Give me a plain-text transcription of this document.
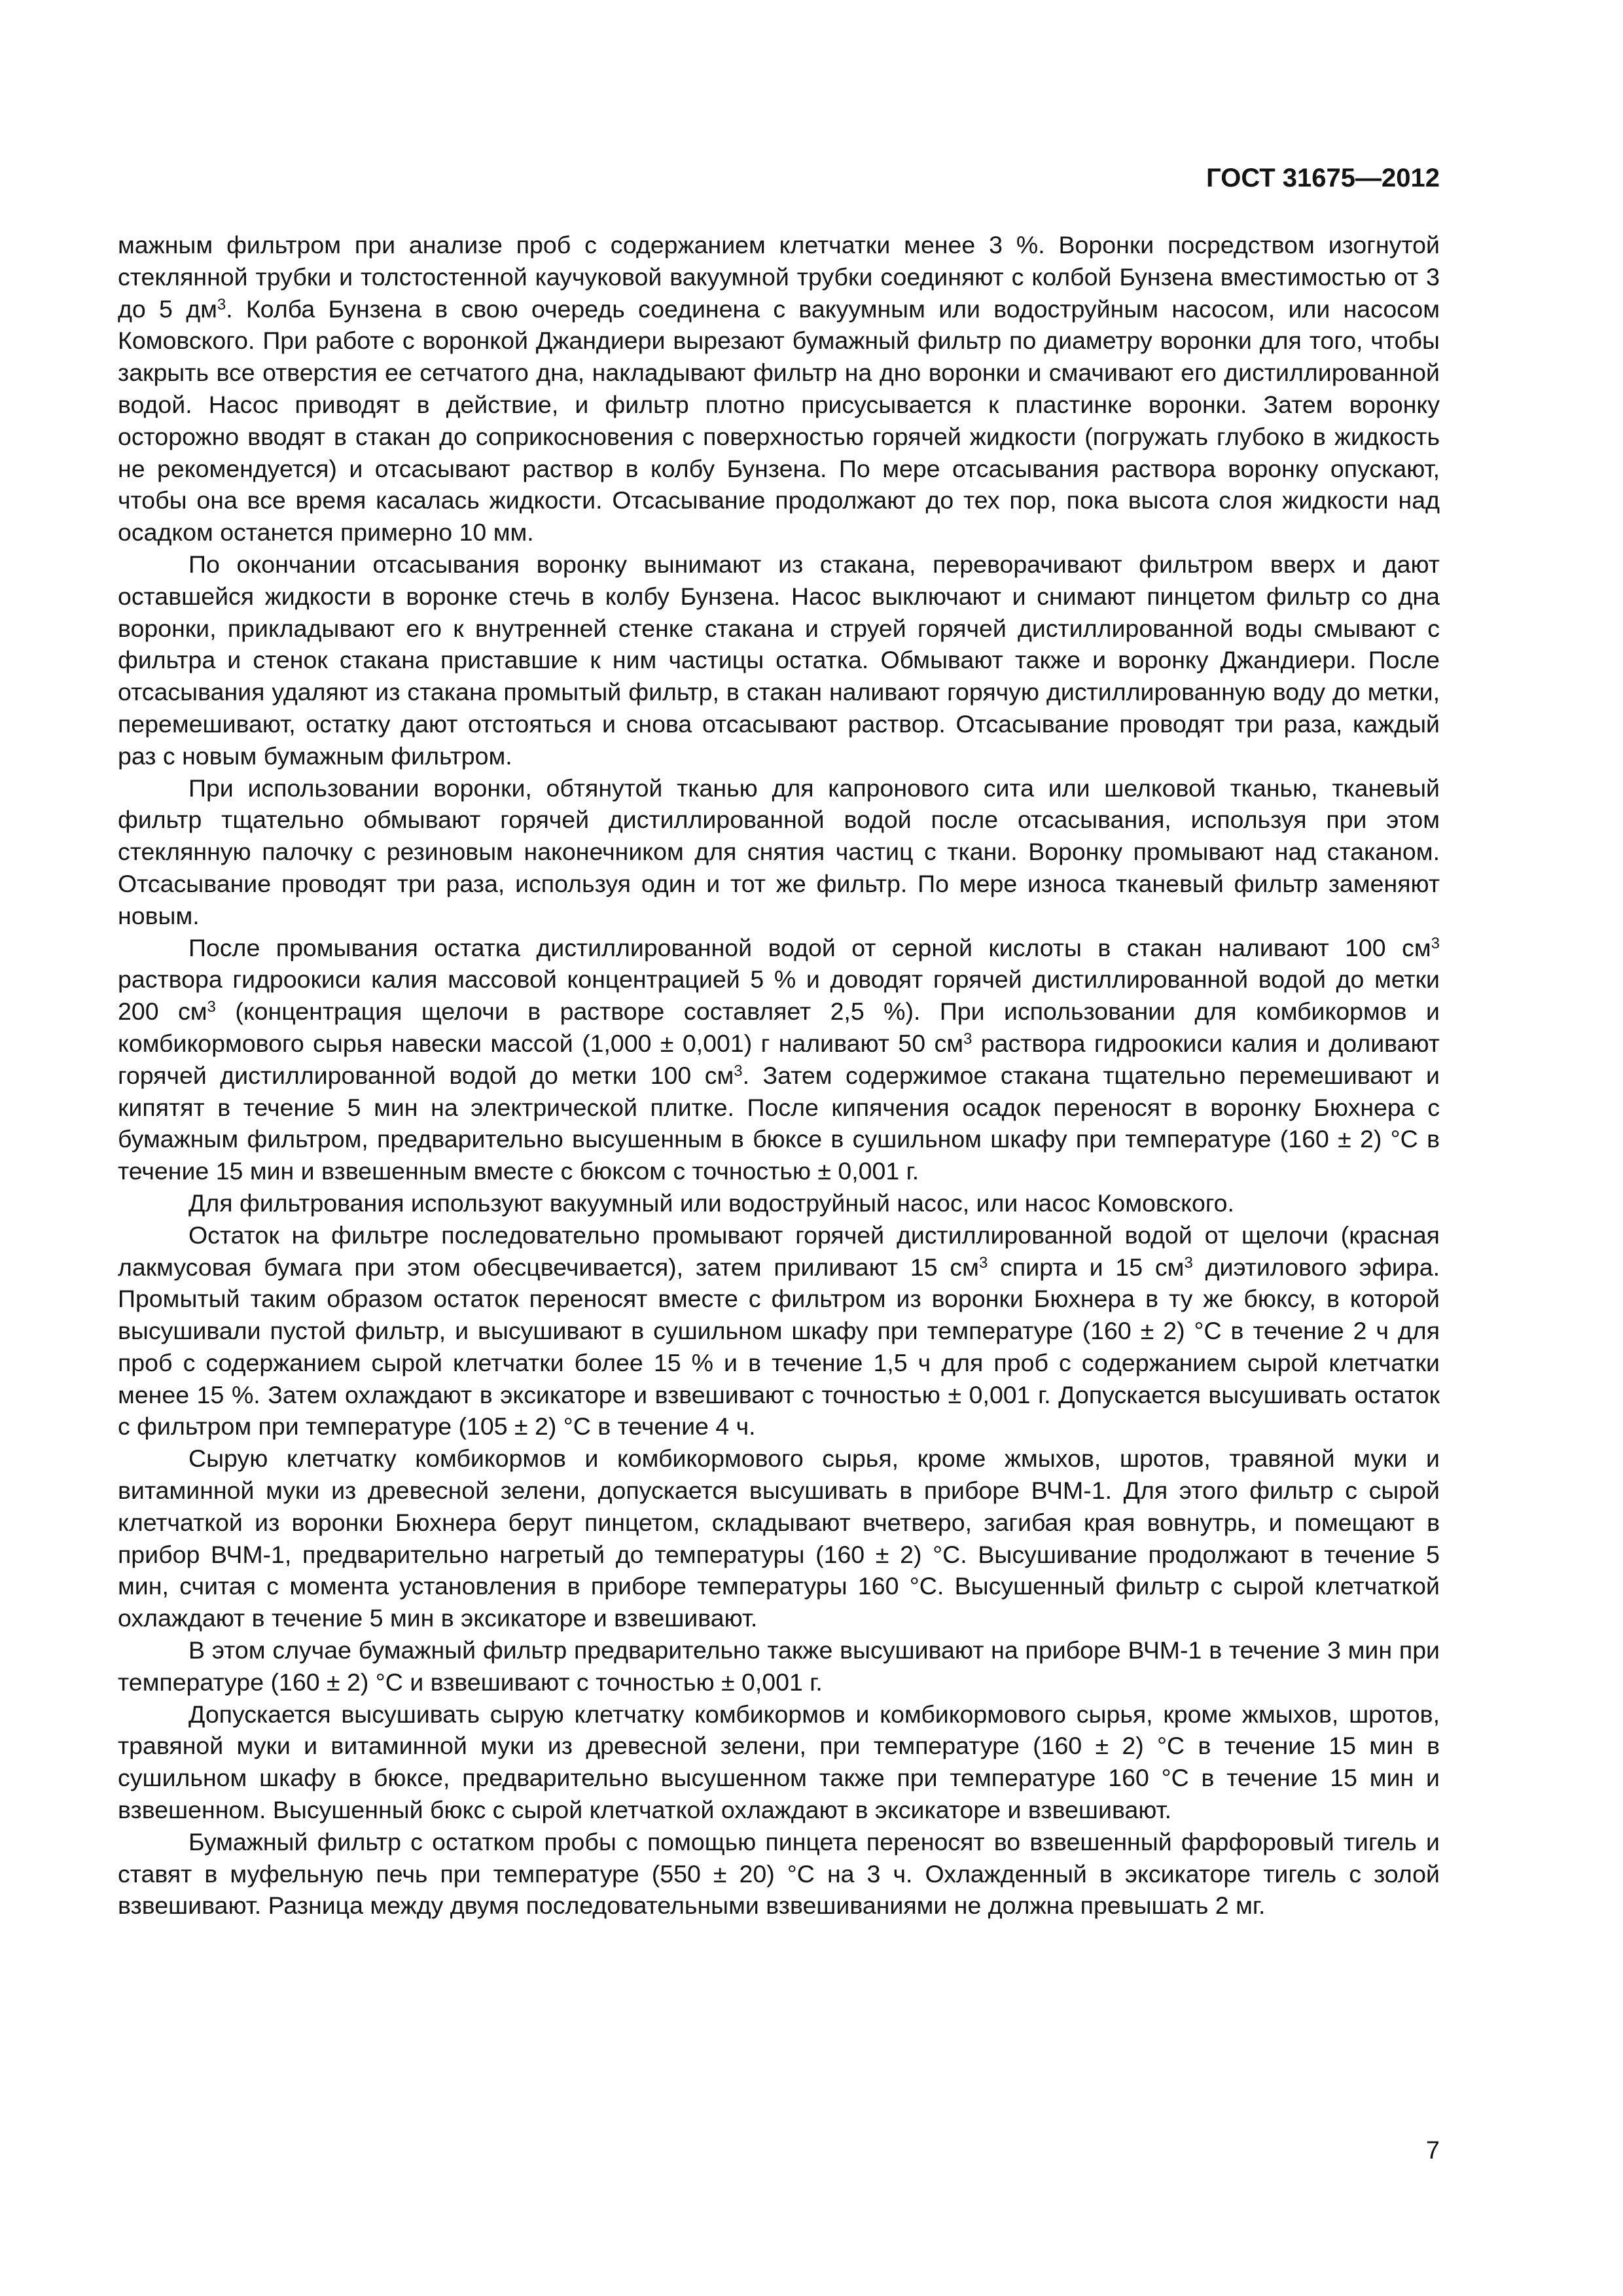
ГОСТ 31675—2012

мажным фильтром при анализе проб с содержанием клетчатки менее 3 %. Воронки посредством изогнутой стеклянной трубки и толстостенной каучуковой вакуумной трубки соединяют с колбой Бунзена вместимостью от 3 до 5 $дм^3$. Колба Бунзена в свою очередь соединена с вакуумным или водоструйным насосом, или насосом Комовского. При работе с воронкой Джандиери вырезают бумажный фильтр по диаметру воронки для того, чтобы закрыть все отверстия ее сетчатого дна, накладывают фильтр на дно воронки и смачивают его дистиллированной водой. Насос приводят в действие, и фильтр плотно присусывается к пластинке воронки. Затем воронку осторожно вводят в стакан до соприкосновения с поверхностью горячей жидкости (погружать глубоко в жидкость не рекомендуется) и отсасывают раствор в колбу Бунзена. По мере отсасывания раствора воронку опускают, чтобы она все время касалась жидкости. Отсасывание продолжают до тех пор, пока высота слоя жидкости над осадком останется примерно 10 мм.

По окончании отсасывания воронку вынимают из стакана, переворачивают фильтром вверх и дают оставшейся жидкости в воронке стечь в колбу Бунзена. Насос выключают и снимают пинцетом фильтр со дна воронки, прикладывают его к внутренней стенке стакана и струей горячей дистиллированной воды смывают с фильтра и стенок стакана приставшие к ним частицы остатка. Обмывают также и воронку Джандиери. После отсасывания удаляют из стакана промытый фильтр, в стакан наливают горячую дистиллированную воду до метки, перемешивают, остатку дают отстояться и снова отсасывают раствор. Отсасывание проводят три раза, каждый раз с новым бумажным фильтром.

При использовании воронки, обтянутой тканью для капронового сита или шелковой тканью, тканевый фильтр тщательно обмывают горячей дистиллированной водой после отсасывания, используя при этом стеклянную палочку с резиновым наконечником для снятия частиц с ткани. Воронку промывают над стаканом. Отсасывание проводят три раза, используя один и тот же фильтр. По мере износа тканевый фильтр заменяют новым.

После промывания остатка дистиллированной водой от серной кислоты в стакан наливают 100 $см^3$ раствора гидроокиси калия массовой концентрацией 5 % и доводят горячей дистиллированной водой до метки 200 $см^3$ (концентрация щелочи в растворе составляет 2,5 %). При использовании для комбикормов и комбикормового сырья навески массой (1,000 ± 0,001) г наливают 50 $см^3$ раствора гидроокиси калия и доливают горячей дистиллированной водой до метки 100 $см^3$. Затем содержимое стакана тщательно перемешивают и кипятят в течение 5 мин на электрической плитке. После кипячения осадок переносят в воронку Бюхнера с бумажным фильтром, предварительно высушенным в бюксе в сушильном шкафу при температуре (160 ± 2) °С в течение 15 мин и взвешенным вместе с бюксом с точностью ± 0,001 г.

Для фильтрования используют вакуумный или водоструйный насос, или насос Комовского.

Остаток на фильтре последовательно промывают горячей дистиллированной водой от щелочи (красная лакмусовая бумага при этом обесцвечивается), затем приливают 15 $см^3$ спирта и 15 $см^3$ диэтилового эфира. Промытый таким образом остаток переносят вместе с фильтром из воронки Бюхнера в ту же бюксу, в которой высушивали пустой фильтр, и высушивают в сушильном шкафу при температуре (160 ± 2) °С в течение 2 ч для проб с содержанием сырой клетчатки более 15 % и в течение 1,5 ч для проб с содержанием сырой клетчатки менее 15 %. Затем охлаждают в эксикаторе и взвешивают с точностью ± 0,001 г. Допускается высушивать остаток с фильтром при температуре (105 ± 2) °С в течение 4 ч.

Сырую клетчатку комбикормов и комбикормового сырья, кроме жмыхов, шротов, травяной муки и витаминной муки из древесной зелени, допускается высушивать в приборе ВЧМ-1. Для этого фильтр с сырой клетчаткой из воронки Бюхнера берут пинцетом, складывают вчетверо, загибая края вовнутрь, и помещают в прибор ВЧМ-1, предварительно нагретый до температуры (160 ± 2) °С. Высушивание продолжают в течение 5 мин, считая с момента установления в приборе температуры 160 °С. Высушенный фильтр с сырой клетчаткой охлаждают в течение 5 мин в эксикаторе и взвешивают.

В этом случае бумажный фильтр предварительно также высушивают на приборе ВЧМ-1 в течение 3 мин при температуре (160 ± 2) °С и взвешивают с точностью ± 0,001 г.

Допускается высушивать сырую клетчатку комбикормов и комбикормового сырья, кроме жмыхов, шротов, травяной муки и витаминной муки из древесной зелени, при температуре (160 ± 2) °С в течение 15 мин в сушильном шкафу в бюксе, предварительно высушенном также при температуре 160 °С в течение 15 мин и взвешенном. Высушенный бюкс с сырой клетчаткой охлаждают в эксикаторе и взвешивают.

Бумажный фильтр с остатком пробы с помощью пинцета переносят во взвешенный фарфоровый тигель и ставят в муфельную печь при температуре (550 ± 20) °С на 3 ч. Охлажденный в эксикаторе тигель с золой взвешивают. Разница между двумя последовательными взвешиваниями не должна превышать 2 мг.

7
